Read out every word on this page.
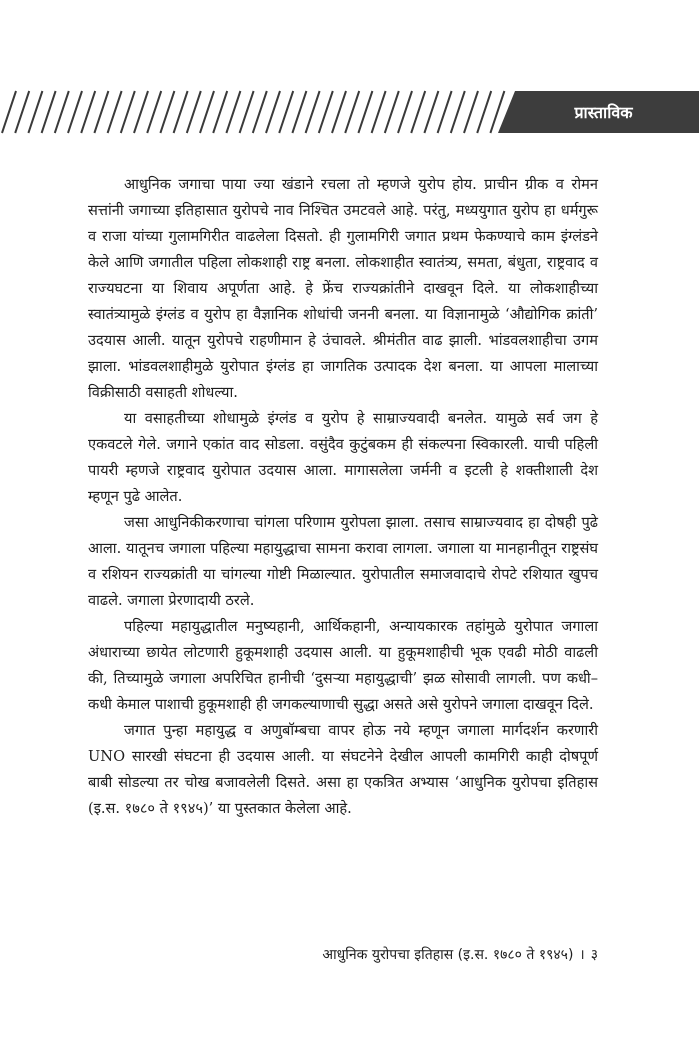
प्रास्ताविक

आधुनिक जगाचा पाया ज्या खंडाने रचला तो म्हणजे युरोप होय. प्राचीन ग्रीक व रोमन सत्तांनी जगाच्या इतिहासात युरोपचे नाव निश्चित उमटवले आहे. परंतु, मध्ययुगात युरोप हा धर्मगुरू व राजा यांच्या गुलामगिरीत वाढलेला दिसतो. ही गुलामगिरी जगात प्रथम फेकण्याचे काम इंग्लंडने केले आणि जगातील पहिला लोकशाही राष्ट्र बनला. लोकशाहीत स्वातंत्र्य, समता, बंधुता, राष्ट्रवाद व राज्यघटना या शिवाय अपूर्णता आहे. हे फ्रेंच राज्यक्रांतीने दाखवून दिले. या लोकशाहीच्या स्वातंत्र्यामुळे इंग्लंड व युरोप हा वैज्ञानिक शोधांची जननी बनला. या विज्ञानामुळे ‘औद्योगिक क्रांती’ उदयास आली. यातून युरोपचे राहणीमान हे उंचावले. श्रीमंतीत वाढ झाली. भांडवलशाहीचा उगम झाला. भांडवलशाहीमुळे युरोपात इंग्लंड हा जागतिक उत्पादक देश बनला. या आपला मालाच्या विक्रीसाठी वसाहती शोधल्या.

या वसाहतीच्या शोधामुळे इंग्लंड व युरोप हे साम्राज्यवादी बनलेत. यामुळे सर्व जग हे एकवटले गेले. जगाने एकांत वाद सोडला. वसुंदैव कुटुंबकम ही संकल्पना स्विकारली. याची पहिली पायरी म्हणजे राष्ट्रवाद युरोपात उदयास आला. मागासलेला जर्मनी व इटली हे शक्तीशाली देश म्हणून पुढे आलेत.

जसा आधुनिकीकरणाचा चांगला परिणाम युरोपला झाला. तसाच साम्राज्यवाद हा दोषही पुढे आला. यातूनच जगाला पहिल्या महायुद्धाचा सामना करावा लागला. जगाला या मानहानीतून राष्ट्रसंघ व रशियन राज्यक्रांती या चांगल्या गोष्टी मिळाल्यात. युरोपातील समाजवादाचे रोपटे रशियात खुपच वाढले. जगाला प्रेरणादायी ठरले.

पहिल्या महायुद्धातील मनुष्यहानी, आर्थिकहानी, अन्यायकारक तहांमुळे युरोपात जगाला अंधाराच्या छायेत लोटणारी हुकूमशाही उदयास आली. या हुकूमशाहीची भूक एवढी मोठी वाढली की, तिच्यामुळे जगाला अपरिचित हानीची ‘दुसऱ्या महायुद्धाची’ झळ सोसावी लागली. पण कधी–कधी केमाल पाशाची हुकूमशाही ही जगकल्याणाची सुद्धा असते असे युरोपने जगाला दाखवून दिले.

जगात पुन्हा महायुद्ध व अणुबॉम्बचा वापर होऊ नये म्हणून जगाला मार्गदर्शन करणारी UNO सारखी संघटना ही उदयास आली. या संघटनेने देखील आपली कामगिरी काही दोषपूर्ण बाबी सोडल्या तर चोख बजावलेली दिसते. असा हा एकत्रित अभ्यास ‘आधुनिक युरोपचा इतिहास (इ.स. १७८० ते १९४५)’ या पुस्तकात केलेला आहे.

आधुनिक युरोपचा इतिहास (इ.स. १७८० ते १९४५) । ३
